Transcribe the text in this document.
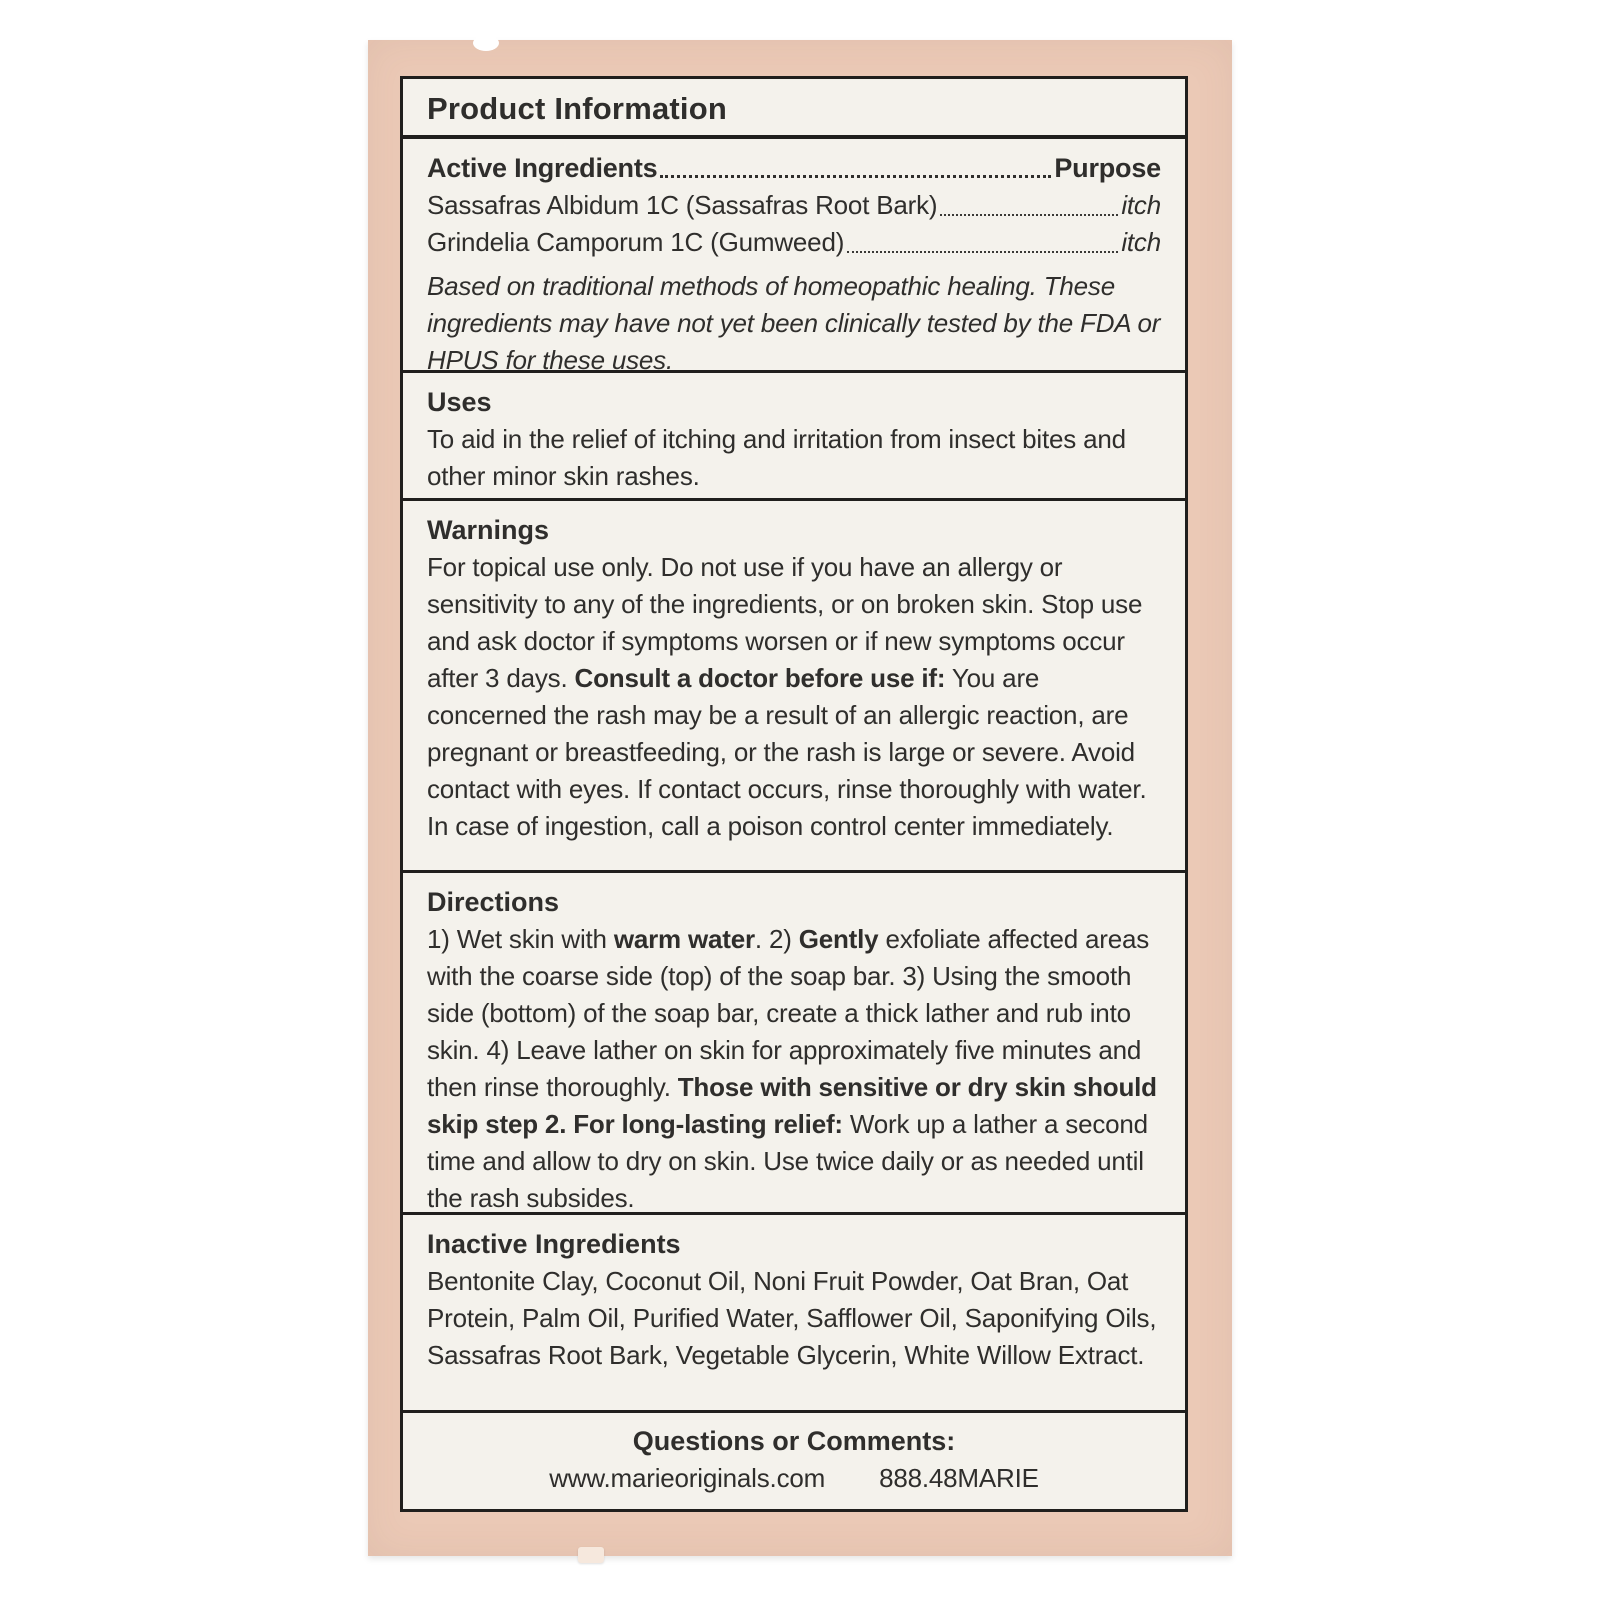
Product Information
Active Ingredients	Purpose
Sassafras Albidum 1C (Sassafras Root Bark)	itch
Grindelia Camporum 1C (Gumweed)	itch

Based on traditional methods of homeopathic healing. These ingredients may have not yet been clinically tested by the FDA or HPUS for these uses.

Uses

To aid in the relief of itching and irritation from insect bites and other minor skin rashes.

Warnings

For topical use only. Do not use if you have an allergy or sensitivity to any of the ingredients, or on broken skin. Stop use and ask doctor if symptoms worsen or if new symptoms occur after 3 days. Consult a doctor before use if: You are concerned the rash may be a result of an allergic reaction, are pregnant or breastfeeding, or the rash is large or severe. Avoid contact with eyes. If contact occurs, rinse thoroughly with water. In case of ingestion, call a poison control center immediately.

Directions

1) Wet skin with warm water. 2) Gently exfoliate affected areas with the coarse side (top) of the soap bar. 3) Using the smooth side (bottom) of the soap bar, create a thick lather and rub into skin. 4) Leave lather on skin for approximately five minutes and then rinse thoroughly. Those with sensitive or dry skin should skip step 2. For long-lasting relief: Work up a lather a second time and allow to dry on skin. Use twice daily or as needed until the rash subsides.

Inactive Ingredients

Bentonite Clay, Coconut Oil, Noni Fruit Powder, Oat Bran, Oat Protein, Palm Oil, Purified Water, Safflower Oil, Saponifying Oils, Sassafras Root Bark, Vegetable Glycerin, White Willow Extract.

Questions or Comments:

www.marieoriginals.com 888.48MARIE
